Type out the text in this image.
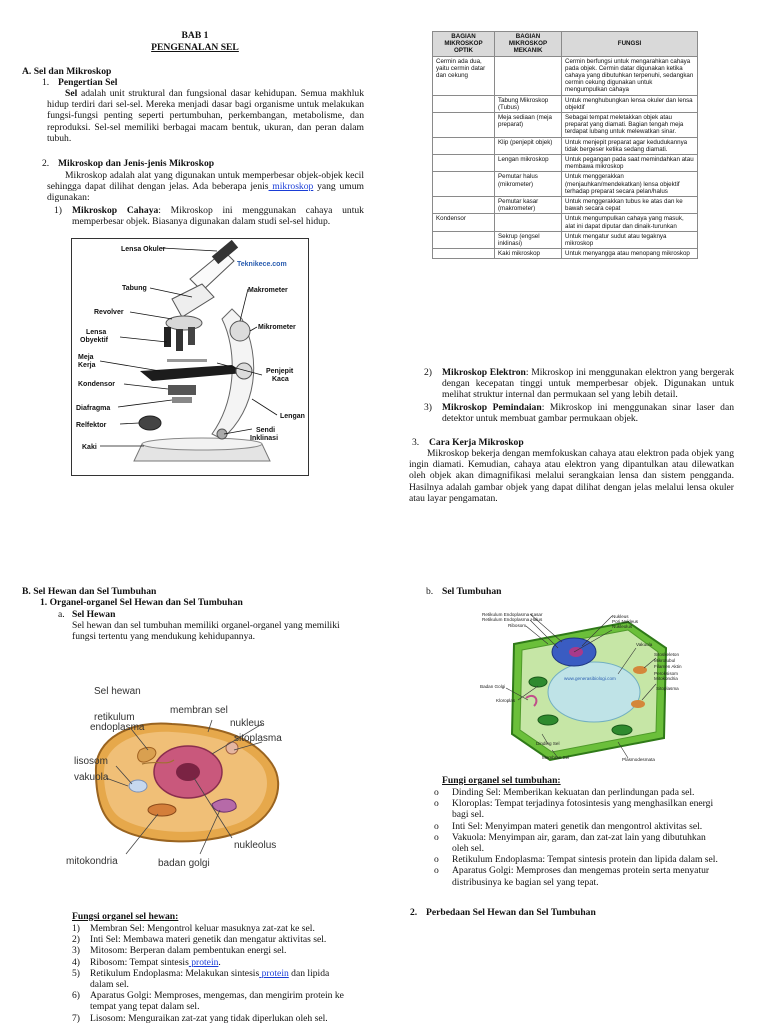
BAB 1
PENGENALAN SEL
A. Sel dan Mikroskop
1. Pengertian Sel
Sel adalah unit struktural dan fungsional dasar kehidupan. Semua makhluk hidup terdiri dari sel-sel. Mereka menjadi dasar bagi organisme untuk melakukan fungsi-fungsi penting seperti pertumbuhan, perkembangan, metabolisme, dan reproduksi. Sel-sel memiliki berbagai macam bentuk, ukuran, dan peran dalam tubuh.
2. Mikroskop dan Jenis-jenis Mikroskop
Mikroskop adalah alat yang digunakan untuk memperbesar objek-objek kecil sehingga dapat dilihat dengan jelas. Ada beberapa jenis mikroskop yang umum digunakan:
1) Mikroskop Cahaya: Mikroskop ini menggunakan cahaya untuk memperbesar objek. Biasanya digunakan dalam studi sel-sel hidup.
Lensa Okuler
Teknikece.com
Tabung
Revolver
Lensa Obyektif
Meja Kerja
Kondensor
Diafragma
Relfektor
Kaki
Makrometer
Mikrometer
Penjepit Kaca
Lengan
Sendi Inklinasi
BAGIAN MIKROSKOP OPTIK	BAGIAN MIKROSKOP MEKANIK	FUNGSI
Cermin ada dua, yaitu cermin datar dan cekung		Cermin berfungsi untuk mengarahkan cahaya pada objek. Cermin datar digunakan ketika cahaya yang dibutuhkan terpenuhi, sedangkan cermin cekung digunakan untuk mengumpulkan cahaya
	Tabung Mikroskop (Tubus)	Untuk menghubungkan lensa okuler dan lensa objektif
	Meja sediaan (meja preparat)	Sebagai tempat meletakkan objek atau preparat yang diamati. Bagian tengah meja terdapat lubang untuk melewatkan sinar.
	Klip (penjepit objek)	Untuk menjepit preparat agar kedudukannya tidak bergeser ketika sedang diamati.
	Lengan mikroskop	Untuk pegangan pada saat memindahkan atau membawa mikroskop
	Pemutar halus (mikrometer)	Untuk menggerakkan (menjauhkan/mendekatkan) lensa objektif terhadap preparat secara pelan/halus
	Pemutar kasar (makrometer)	Untuk menggerakkan tubus ke atas dan ke bawah secara cepat
Kondensor		Untuk mengumpulkan cahaya yang masuk, alat ini dapat diputar dan dinaik-turunkan
	Sekrup (engsel inklinasi)	Untuk mengatur sudut atau tegaknya mikroskop
	Kaki mikroskop	Untuk menyangga atau menopang mikroskop
2) Mikroskop Elektron: Mikroskop ini menggunakan elektron yang bergerak dengan kecepatan tinggi untuk memperbesar objek. Digunakan untuk melihat struktur internal dan permukaan sel yang lebih detail.
3) Mikroskop Pemindaian: Mikroskop ini menggunakan sinar laser dan detektor untuk membuat gambar permukaan objek.
3. Cara Kerja Mikroskop
Mikroskop bekerja dengan memfokuskan cahaya atau elektron pada objek yang ingin diamati. Kemudian, cahaya atau elektron yang dipantulkan atau dilewatkan oleh objek akan dimagnifikasi melalui serangkaian lensa dan sistem pengganda. Hasilnya adalah gambar objek yang dapat dilihat dengan jelas melalui lensa okuler atau layar pengamatan.
B. Sel Hewan dan Sel Tumbuhan
1. Organel-organel Sel Hewan dan Sel Tumbuhan
a. Sel Hewan
Sel hewan dan sel tumbuhan memiliki organel-organel yang memiliki fungsi tertentu yang mendukung kehidupannya.
Sel hewan
retikulum endoplasma
membran sel
nukleus
sitoplasma
lisosom
vakuola
nukleolus
mitokondria	badan golgi
Fungsi organel sel hewan:
1) Membran Sel: Mengontrol keluar masuknya zat-zat ke sel.
2) Inti Sel: Membawa materi genetik dan mengatur aktivitas sel.
3) Mitosom: Berperan dalam pembentukan energi sel.
4) Ribosom: Tempat sintesis protein.
5) Retikulum Endoplasma: Melakukan sintesis protein dan lipida
dalam sel.
6) Aparatus Golgi: Memproses, mengemas, dan mengirim protein ke
tempat yang tepat dalam sel.
7) Lisosom: Menguraikan zat-zat yang tidak diperlukan oleh sel.
b. Sel Tumbuhan
Retikulum Endoplasma Kasar
Retikulum Endoplasma Halus
Ribosom
Nukleus
Pori Nukleus
Nukleolus
Vakuola
Sitoskeleton
Mikrotubul
Filamen Aktin
Peroksisom
Mitokondria
Sitoplasma
Badan Golgi
Kloroplas
Dinding Sel
Membran Sel	Plasmodesmata
www.generasibiologi.com
Fungi organel sel tumbuhan:
o Dinding Sel: Memberikan kekuatan dan perlindungan pada sel.
o Kloroplas: Tempat terjadinya fotosintesis yang menghasilkan energi
bagi sel.
o Inti Sel: Menyimpan materi genetik dan mengontrol aktivitas sel.
o Vakuola: Menyimpan air, garam, dan zat-zat lain yang dibutuhkan
oleh sel.
o Retikulum Endoplasma: Tempat sintesis protein dan lipida dalam sel.
o Aparatus Golgi: Memproses dan mengemas protein serta menyatur
distribusinya ke bagian sel yang tepat.
2. Perbedaan Sel Hewan dan Sel Tumbuhan
